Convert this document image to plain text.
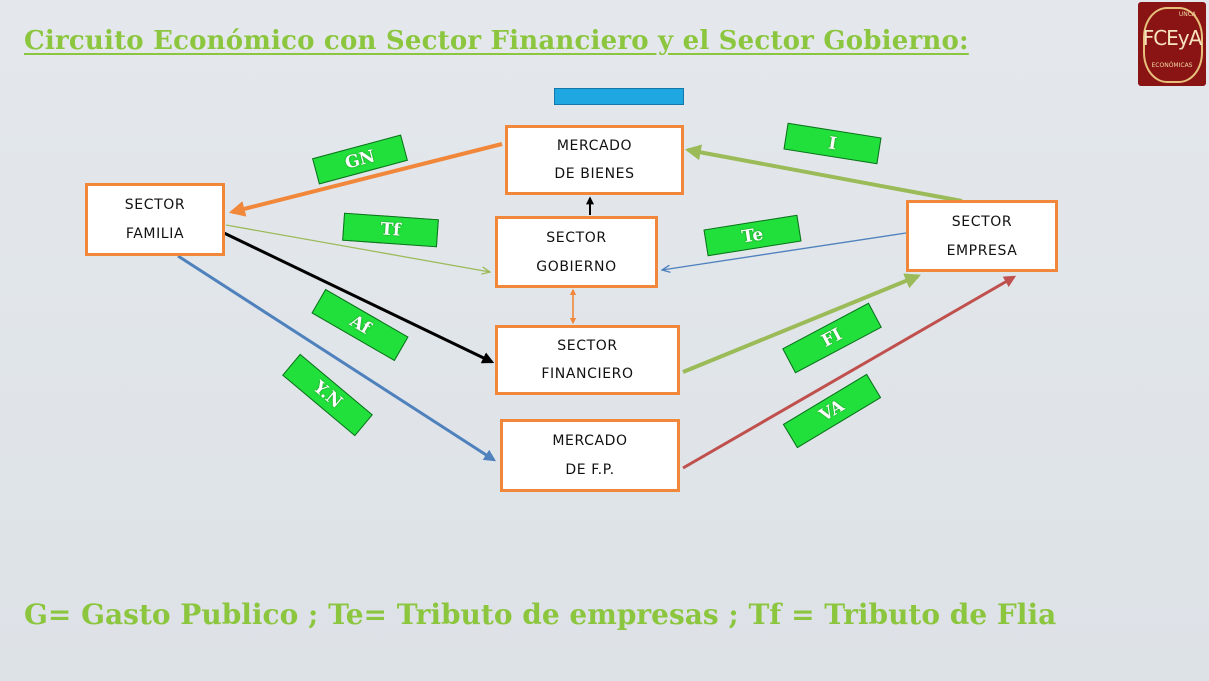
Circuito Económico con Sector Financiero y el Sector Gobierno:
UNCA
FCEyA
ECONÓMICAS
SECTOR
FAMILIA
MERCADO
DE BIENES
SECTOR
GOBIERNO
SECTOR
FINANCIERO
MERCADO
DE F.P.
SECTOR
EMPRESA
GN
Tf
Af
Y.N
I
Te
FI
VA
G= Gasto Publico ; Te= Tributo de empresas ; Tf = Tributo de Flia
